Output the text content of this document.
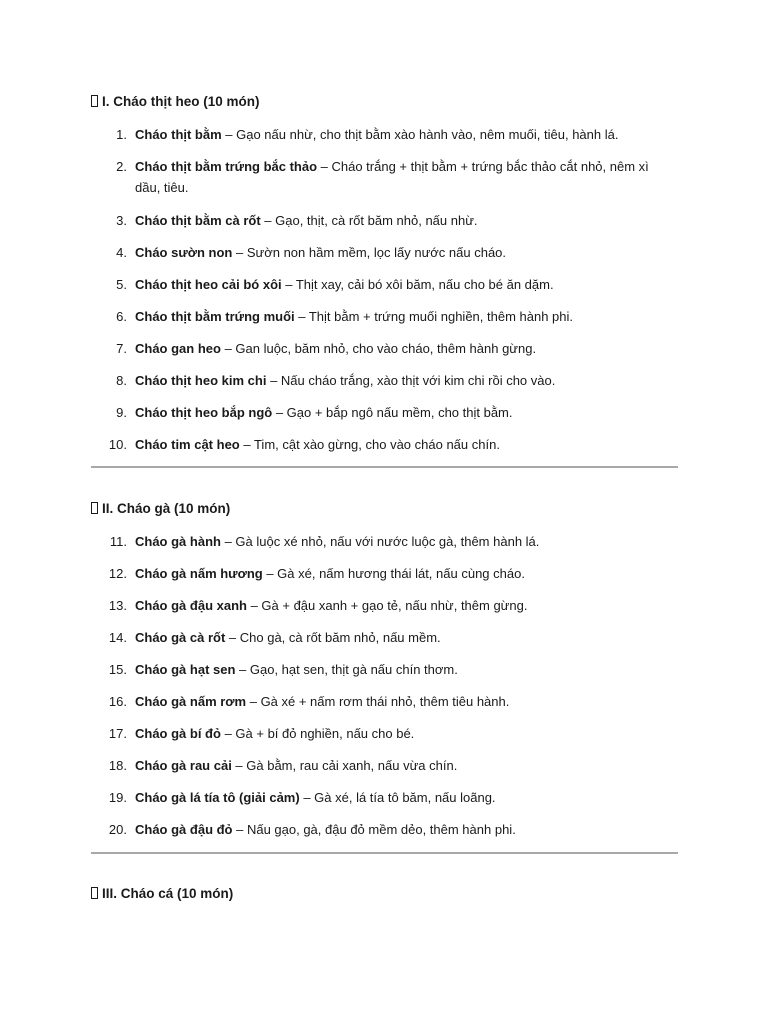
I. Cháo thịt heo (10 món)
1. Cháo thịt bằm – Gạo nấu nhừ, cho thịt bằm xào hành vào, nêm muối, tiêu, hành lá.
2. Cháo thịt bằm trứng bắc thảo – Cháo trắng + thịt bằm + trứng bắc thảo cắt nhỏ, nêm xì dầu, tiêu.
3. Cháo thịt bằm cà rốt – Gạo, thịt, cà rốt băm nhỏ, nấu nhừ.
4. Cháo sườn non – Sườn non hầm mềm, lọc lấy nước nấu cháo.
5. Cháo thịt heo cải bó xôi – Thịt xay, cải bó xôi băm, nấu cho bé ăn dặm.
6. Cháo thịt bằm trứng muối – Thịt bằm + trứng muối nghiền, thêm hành phi.
7. Cháo gan heo – Gan luộc, băm nhỏ, cho vào cháo, thêm hành gừng.
8. Cháo thịt heo kim chi – Nấu cháo trắng, xào thịt với kim chi rồi cho vào.
9. Cháo thịt heo bắp ngô – Gạo + bắp ngô nấu mềm, cho thịt bằm.
10. Cháo tim cật heo – Tim, cật xào gừng, cho vào cháo nấu chín.
II. Cháo gà (10 món)
11. Cháo gà hành – Gà luộc xé nhỏ, nấu với nước luộc gà, thêm hành lá.
12. Cháo gà nấm hương – Gà xé, nấm hương thái lát, nấu cùng cháo.
13. Cháo gà đậu xanh – Gà + đậu xanh + gạo tẻ, nấu nhừ, thêm gừng.
14. Cháo gà cà rốt – Cho gà, cà rốt băm nhỏ, nấu mềm.
15. Cháo gà hạt sen – Gạo, hạt sen, thịt gà nấu chín thơm.
16. Cháo gà nấm rơm – Gà xé + nấm rơm thái nhỏ, thêm tiêu hành.
17. Cháo gà bí đỏ – Gà + bí đỏ nghiền, nấu cho bé.
18. Cháo gà rau cải – Gà bằm, rau cải xanh, nấu vừa chín.
19. Cháo gà lá tía tô (giải cảm) – Gà xé, lá tía tô băm, nấu loãng.
20. Cháo gà đậu đỏ – Nấu gạo, gà, đậu đỏ mềm dẻo, thêm hành phi.
III. Cháo cá (10 món)
